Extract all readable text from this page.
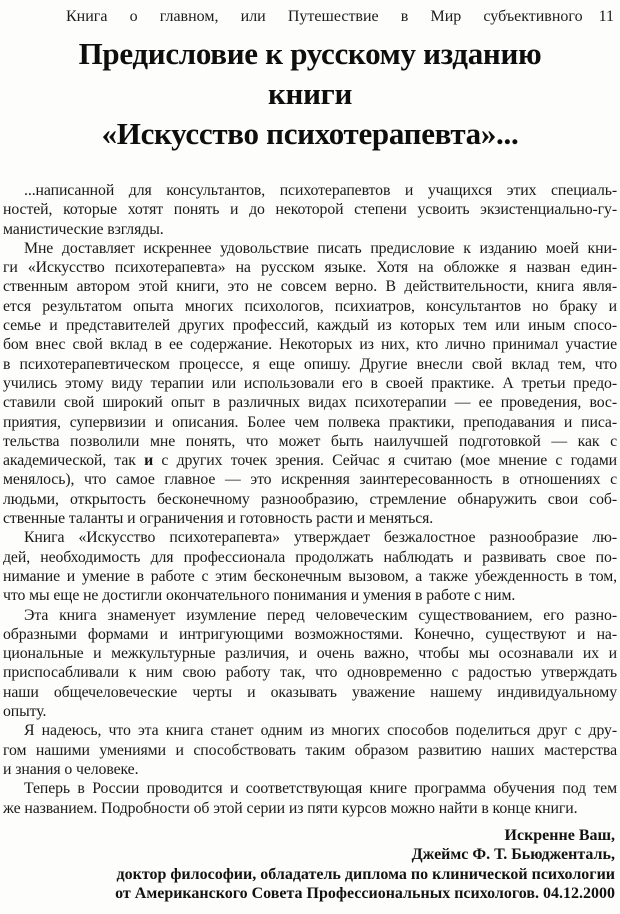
Книга о главном, или Путешествие в Мир субъективного 11
Предисловие к русскому изданию
книги
«Искусство психотерапевта»...
...написанной для консультантов, психотерапевтов и учащихся этих специаль-
ностей, которые хотят понять и до некоторой степени усвоить экзистенциально-гу-
манистические взгляды.
Мне доставляет искреннее удовольствие писать предисловие к изданию моей кни-
ги «Искусство психотерапевта» на русском языке. Хотя на обложке я назван един-
ственным автором этой книги, это не совсем верно. В действительности, книга явля-
ется результатом опыта многих психологов, психиатров, консультантов но браку и
семье и представителей других профессий, каждый из которых тем или иным спосо-
бом внес свой вклад в ее содержание. Некоторых из них, кто лично принимал участие
в психотерапевтическом процессе, я еще опишу. Другие внесли свой вклад тем, что
учились этому виду терапии или использовали его в своей практике. А третьи предо-
ставили свой широкий опыт в различных видах психотерапии — ее проведения, вос-
приятия, супервизии и описания. Более чем полвека практики, преподавания и писа-
тельства позволили мне понять, что может быть наилучшей подготовкой — как с
академической, так и с других точек зрения. Сейчас я считаю (мое мнение с годами
менялось), что самое главное — это искренняя заинтересованность в отношениях с
людьми, открытость бесконечному разнообразию, стремление обнаружить свои соб-
ственные таланты и ограничения и готовность расти и меняться.
Книга «Искусство психотерапевта» утверждает безжалостное разнообразие лю-
дей, необходимость для профессионала продолжать наблюдать и развивать свое по-
нимание и умение в работе с этим бесконечным вызовом, а также убежденность в том,
что мы еще не достигли окончательного понимания и умения в работе с ним.
Эта книга знаменует изумление перед человеческим существованием, его разно-
образными формами и интригующими возможностями. Конечно, существуют и на-
циональные и межкультурные различия, и очень важно, чтобы мы осознавали их и
приспосабливали к ним свою работу так, что одновременно с радостью утверждать
наши общечеловеческие черты и оказывать уважение нашему индивидуальному
опыту.
Я надеюсь, что эта книга станет одним из многих способов поделиться друг с дру-
гом нашими умениями и способствовать таким образом развитию наших мастерства
и знания о человеке.
Теперь в России проводится и соответствующая книге программа обучения под тем
же названием. Подробности об этой серии из пяти курсов можно найти в конце книги.
Искренне Ваш,
Джеймс Ф. Т. Бьюдженталь,
доктор философии, обладатель диплома по клинической психологии
от Американского Совета Профессиональных психологов. 04.12.2000
